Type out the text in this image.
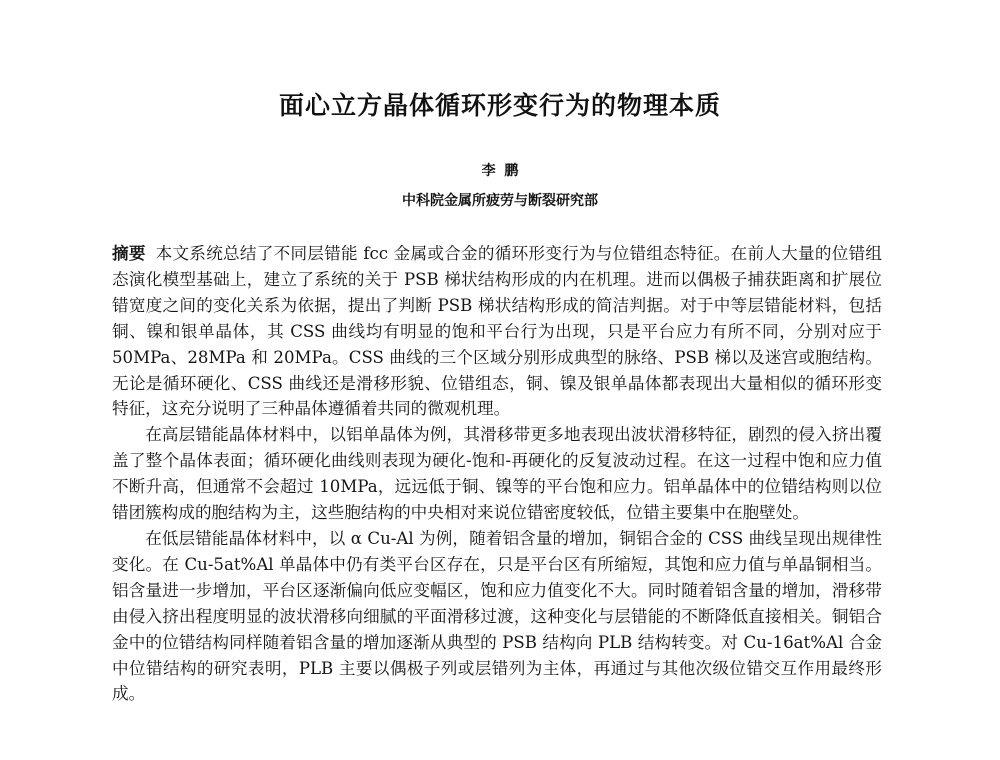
面心立方晶体循环形变行为的物理本质
李 鹏
中科院金属所疲劳与断裂研究部

摘要 本文系统总结了不同层错能 fcc 金属或合金的循环形变行为与位错组态特征。在前人大量的位错组态演化模型基础上，建立了系统的关于 PSB 梯状结构形成的内在机理。进而以偶极子捕获距离和扩展位错宽度之间的变化关系为依据，提出了判断 PSB 梯状结构形成的简洁判据。对于中等层错能材料，包括铜、镍和银单晶体，其 CSS 曲线均有明显的饱和平台行为出现，只是平台应力有所不同，分别对应于 50MPa、28MPa 和 20MPa。CSS 曲线的三个区域分别形成典型的脉络、PSB 梯以及迷宫或胞结构。无论是循环硬化、CSS 曲线还是滑移形貌、位错组态，铜、镍及银单晶体都表现出大量相似的循环形变特征，这充分说明了三种晶体遵循着共同的微观机理。

在高层错能晶体材料中，以铝单晶体为例，其滑移带更多地表现出波状滑移特征，剧烈的侵入挤出覆盖了整个晶体表面；循环硬化曲线则表现为硬化-饱和-再硬化的反复波动过程。在这一过程中饱和应力值不断升高，但通常不会超过 10MPa，远远低于铜、镍等的平台饱和应力。铝单晶体中的位错结构则以位错团簇构成的胞结构为主，这些胞结构的中央相对来说位错密度较低，位错主要集中在胞壁处。

在低层错能晶体材料中，以 α Cu-Al 为例，随着铝含量的增加，铜铝合金的 CSS 曲线呈现出规律性变化。在 Cu-5at%Al 单晶体中仍有类平台区存在，只是平台区有所缩短，其饱和应力值与单晶铜相当。铝含量进一步增加，平台区逐渐偏向低应变幅区，饱和应力值变化不大。同时随着铝含量的增加，滑移带由侵入挤出程度明显的波状滑移向细腻的平面滑移过渡，这种变化与层错能的不断降低直接相关。铜铝合金中的位错结构同样随着铝含量的增加逐渐从典型的 PSB 结构向 PLB 结构转变。对 Cu-16at%Al 合金中位错结构的研究表明，PLB 主要以偶极子列或层错列为主体，再通过与其他次级位错交互作用最终形成。
